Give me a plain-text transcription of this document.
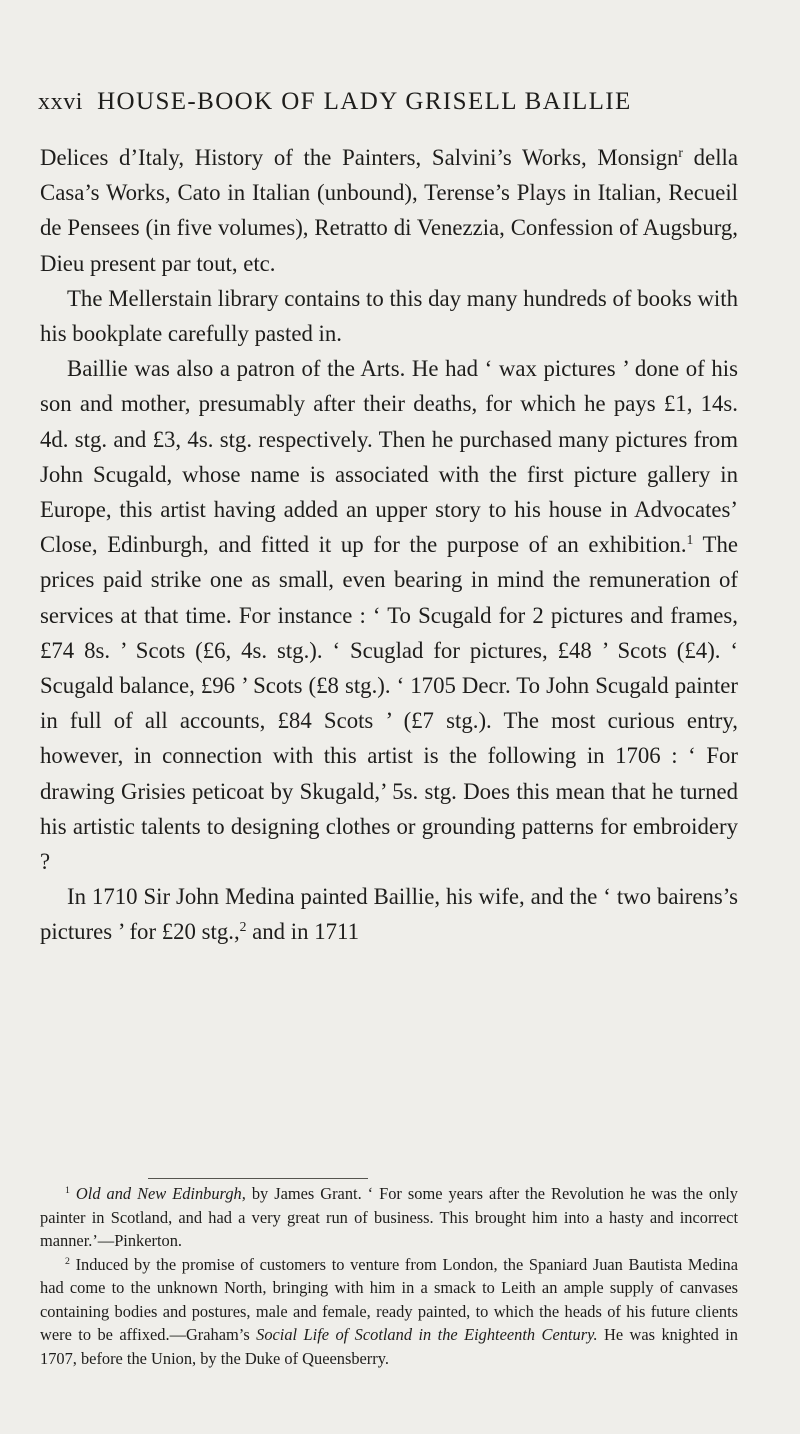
xxvi HOUSE-BOOK OF LADY GRISELL BAILLIE

Delices d’Italy, History of the Painters, Salvini’s Works, Monsign$^r$ della Casa’s Works, Cato in Italian (unbound), Terense’s Plays in Italian, Recueil de Pensees (in five volumes), Retratto di Venezzia, Confession of Augsburg, Dieu present par tout, etc.

The Mellerstain library contains to this day many hundreds of books with his bookplate carefully pasted in.

Baillie was also a patron of the Arts. He had ‘ wax pictures ’ done of his son and mother, presumably after their deaths, for which he pays £1, 14s. 4d. stg. and £3, 4s. stg. respectively. Then he purchased many pictures from John Scugald, whose name is associated with the first picture gallery in Europe, this artist having added an upper story to his house in Advocates’ Close, Edinburgh, and fitted it up for the purpose of an exhibition.$^1$ The prices paid strike one as small, even bearing in mind the remuneration of services at that time. For instance : ‘ To Scugald for 2 pictures and frames, £74 8s. ’ Scots (£6, 4s. stg.). ‘ Scuglad for pictures, £48 ’ Scots (£4). ‘ Scugald balance, £96 ’ Scots (£8 stg.). ‘ 1705 Decr. To John Scugald painter in full of all accounts, £84 Scots ’ (£7 stg.). The most curious entry, however, in connection with this artist is the following in 1706 : ‘ For drawing Grisies peticoat by Skugald,’ 5s. stg. Does this mean that he turned his artistic talents to designing clothes or grounding patterns for embroidery ?

In 1710 Sir John Medina painted Baillie, his wife, and the ‘ two bairens’s pictures ’ for £20 stg.,$^2$ and in 1711

$^1$ Old and New Edinburgh, by James Grant. ‘ For some years after the Revolution he was the only painter in Scotland, and had a very great run of business. This brought him into a hasty and incorrect manner.’—Pinkerton.

$^2$ Induced by the promise of customers to venture from London, the Spaniard Juan Bautista Medina had come to the unknown North, bringing with him in a smack to Leith an ample supply of canvases containing bodies and postures, male and female, ready painted, to which the heads of his future clients were to be affixed.—Graham’s Social Life of Scotland in the Eighteenth Century. He was knighted in 1707, before the Union, by the Duke of Queensberry.
